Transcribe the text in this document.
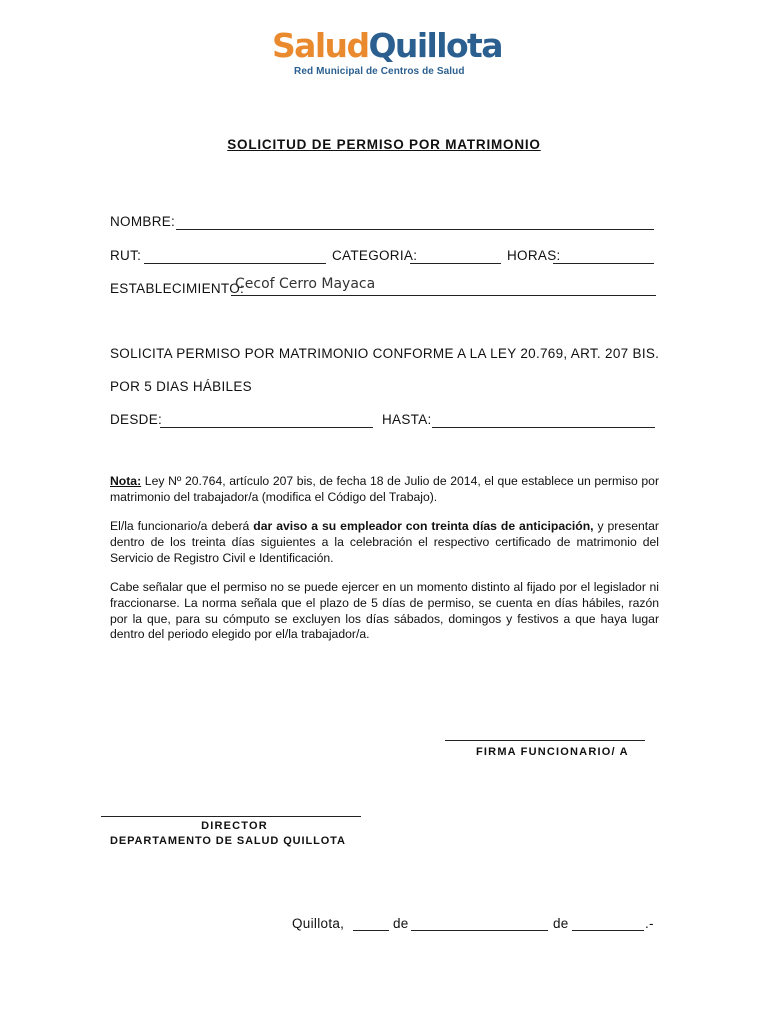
SaludQuillota
Red Municipal de Centros de Salud
SOLICITUD DE PERMISO POR MATRIMONIO
NOMBRE:
RUT:	CATEGORIA:	HORAS:
ESTABLECIMIENTO:
Cecof Cerro Mayaca
SOLICITA PERMISO POR MATRIMONIO CONFORME A LA LEY 20.769, ART. 207 BIS.
POR 5 DIAS HÁBILES
DESDE:	HASTA:
Nota: Ley Nº 20.764, artículo 207 bis, de fecha 18 de Julio de 2014, el que establece un permiso por matrimonio del trabajador/a (modifica el Código del Trabajo).
El/la funcionario/a deberá dar aviso a su empleador con treinta días de anticipación, y presentar dentro de los treinta días siguientes a la celebración el respectivo certificado de matrimonio del Servicio de Registro Civil e Identificación.
Cabe señalar que el permiso no se puede ejercer en un momento distinto al fijado por el legislador ni fraccionarse. La norma señala que el plazo de 5 días de permiso, se cuenta en días hábiles, razón por la que, para su cómputo se excluyen los días sábados, domingos y festivos a que haya lugar dentro del periodo elegido por el/la trabajador/a.
FIRMA FUNCIONARIO/ A
DIRECTOR
DEPARTAMENTO DE SALUD QUILLOTA
Quillota,	de	de	.-
